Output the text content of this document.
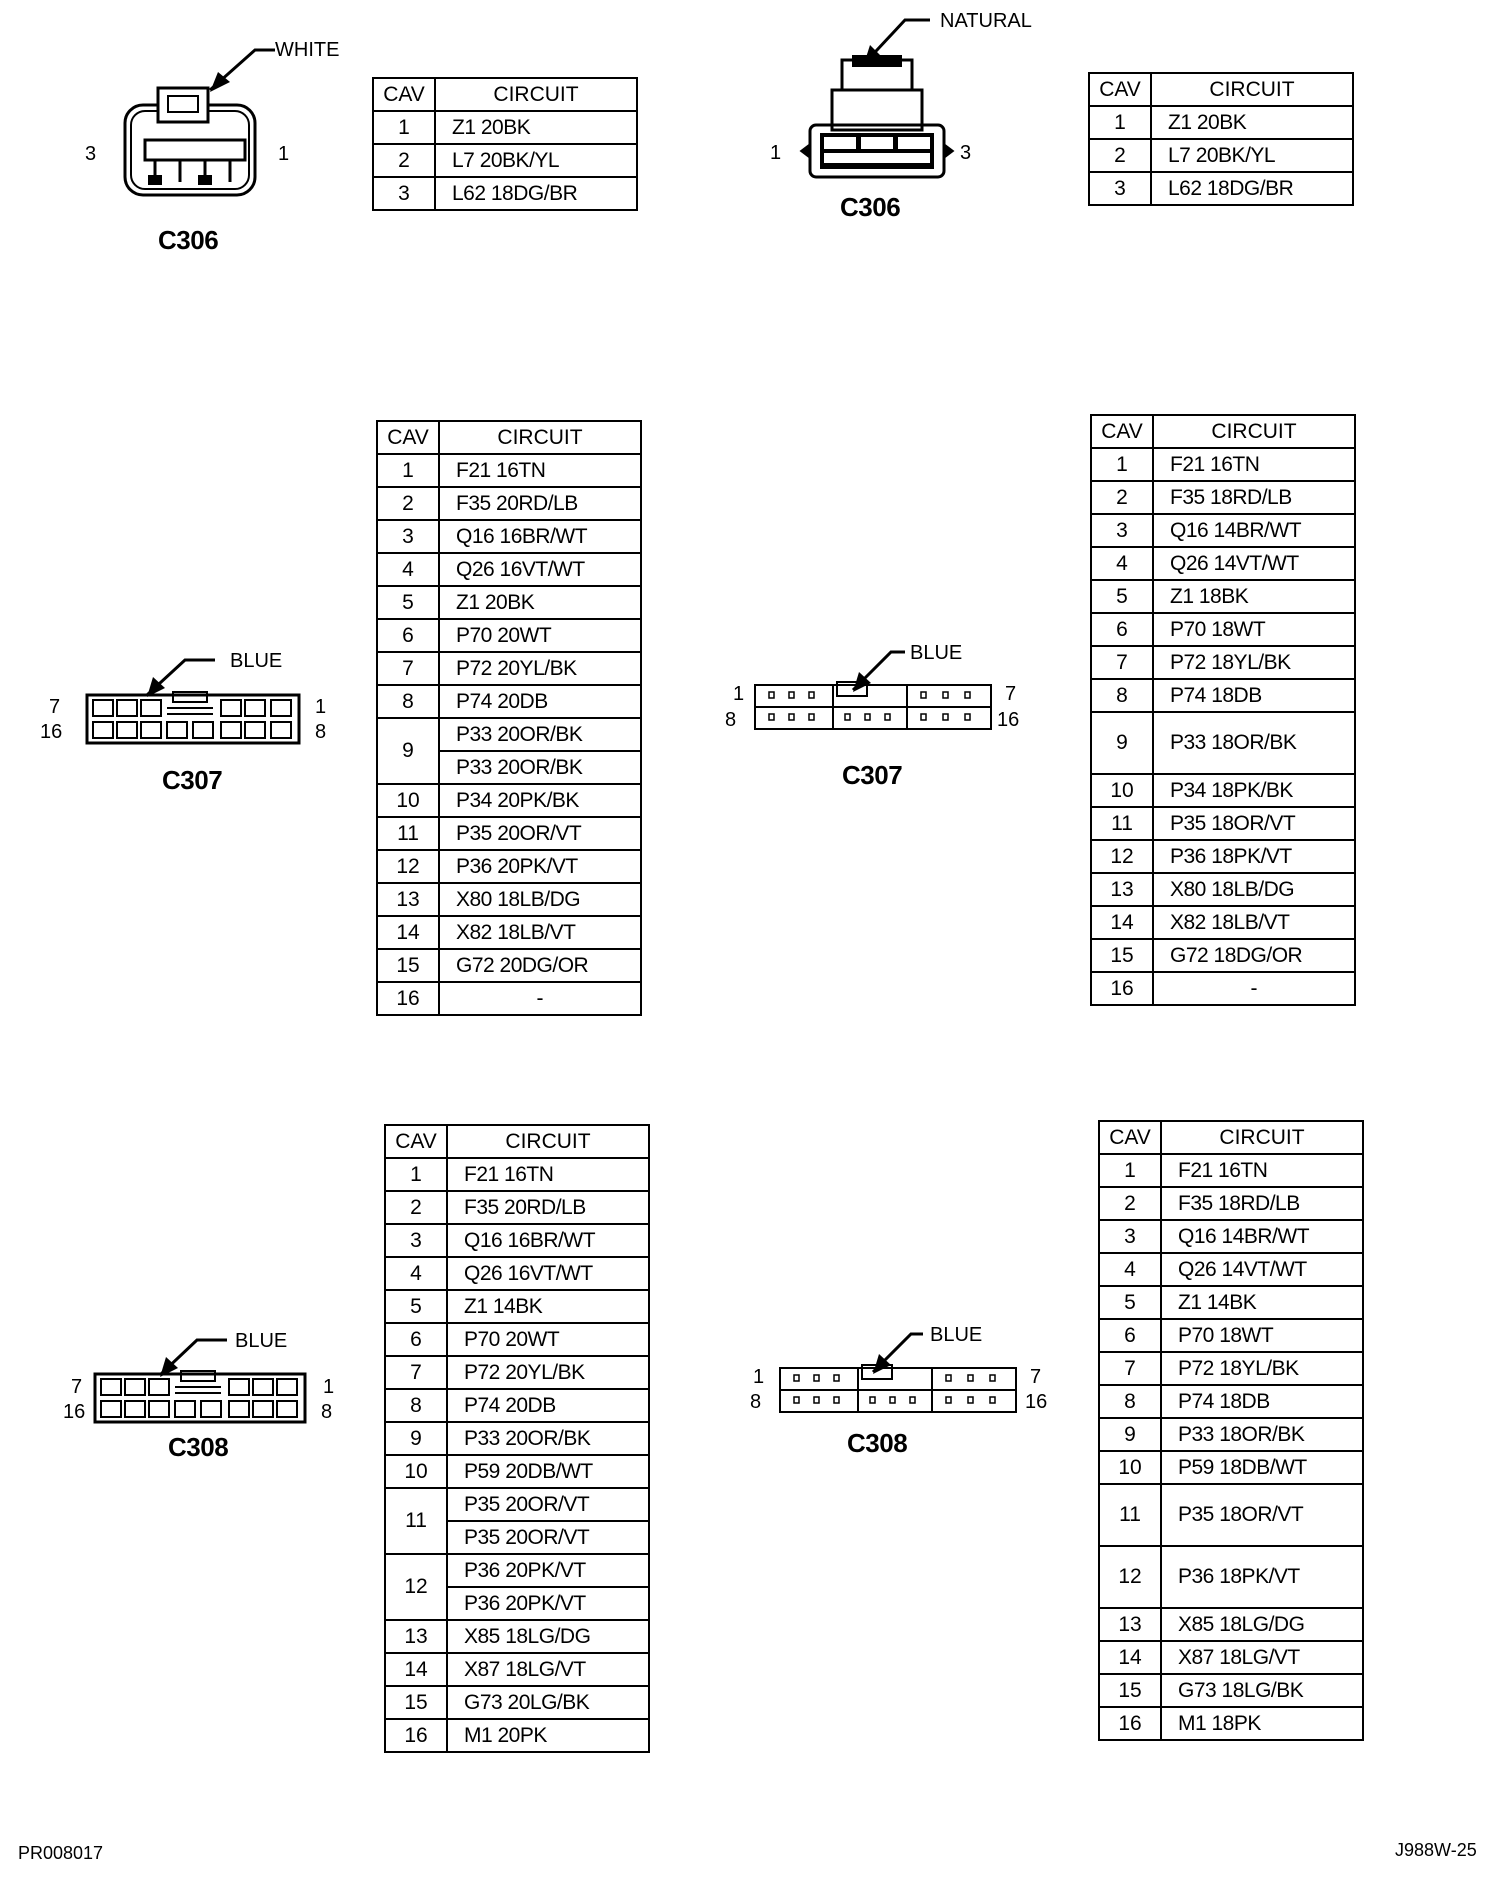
WHITE
3	1
C306
CAV	CIRCUIT
1	Z1 20BK
2	L7 20BK/YL
3	L62 18DG/BR
NATURAL
1	3
C306
CAV	CIRCUIT
1	Z1 20BK
2	L7 20BK/YL
3	L62 18DG/BR
BLUE
7
16
1
8
C307
CAV	CIRCUIT
1	F21 16TN
2	F35 20RD/LB
3	Q16 16BR/WT
4	Q26 16VT/WT
5	Z1 20BK
6	P70 20WT
7	P72 20YL/BK
8	P74 20DB
9	P33 20OR/BK
	P33 20OR/BK
10	P34 20PK/BK
11	P35 20OR/VT
12	P36 20PK/VT
13	X80 18LB/DG
14	X82 18LB/VT
15	G72 20DG/OR
16	-
BLUE
1
8
7
16
C307
CAV	CIRCUIT
1	F21 16TN
2	F35 18RD/LB
3	Q16 14BR/WT
4	Q26 14VT/WT
5	Z1 18BK
6	P70 18WT
7	P72 18YL/BK
8	P74 18DB
9	P33 18OR/BK
10	P34 18PK/BK
11	P35 18OR/VT
12	P36 18PK/VT
13	X80 18LB/DG
14	X82 18LB/VT
15	G72 18DG/OR
16	-
BLUE
7
16
1
8
C308
CAV	CIRCUIT
1	F21 16TN
2	F35 20RD/LB
3	Q16 16BR/WT
4	Q26 16VT/WT
5	Z1 14BK
6	P70 20WT
7	P72 20YL/BK
8	P74 20DB
9	P33 20OR/BK
10	P59 20DB/WT
11	P35 20OR/VT
	P35 20OR/VT
12	P36 20PK/VT
	P36 20PK/VT
13	X85 18LG/DG
14	X87 18LG/VT
15	G73 20LG/BK
16	M1 20PK
BLUE
1
8
7
16
C308
CAV	CIRCUIT
1	F21 16TN
2	F35 18RD/LB
3	Q16 14BR/WT
4	Q26 14VT/WT
5	Z1 14BK
6	P70 18WT
7	P72 18YL/BK
8	P74 18DB
9	P33 18OR/BK
10	P59 18DB/WT
11	P35 18OR/VT
12	P36 18PK/VT
13	X85 18LG/DG
14	X87 18LG/VT
15	G73 18LG/BK
16	M1 18PK
PR008017	J988W-25
